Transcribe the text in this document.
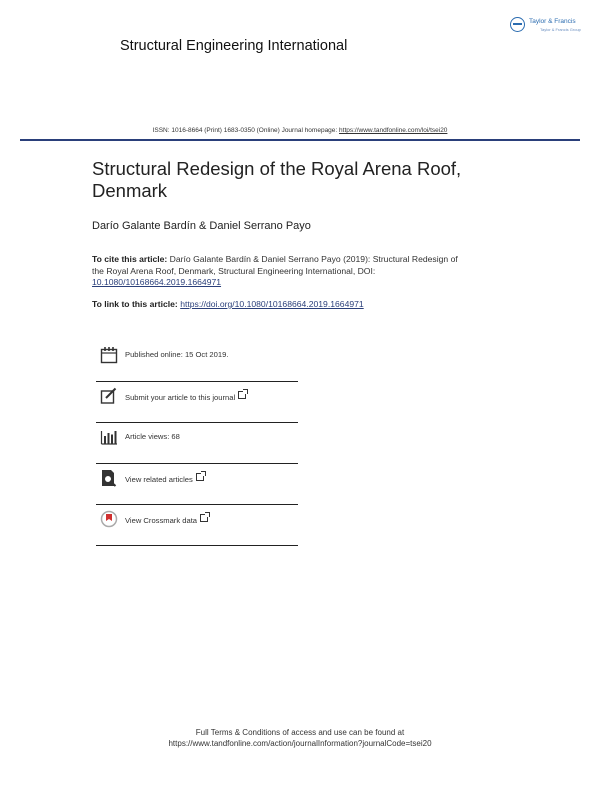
Taylor & Francis
Taylor & Francis Group
Structural Engineering International
ISSN: 1016-8664 (Print) 1683-0350 (Online) Journal homepage: https://www.tandfonline.com/loi/tsei20
Structural Redesign of the Royal Arena Roof, Denmark
Darío Galante Bardín & Daniel Serrano Payo
To cite this article: Darío Galante Bardín & Daniel Serrano Payo (2019): Structural Redesign of the Royal Arena Roof, Denmark, Structural Engineering International, DOI: 10.1080/10168664.2019.1664971
To link to this article: https://doi.org/10.1080/10168664.2019.1664971
Published online: 15 Oct 2019.
Submit your article to this journal
Article views: 68
View related articles
View Crossmark data
Full Terms & Conditions of access and use can be found at
https://www.tandfonline.com/action/journalInformation?journalCode=tsei20
